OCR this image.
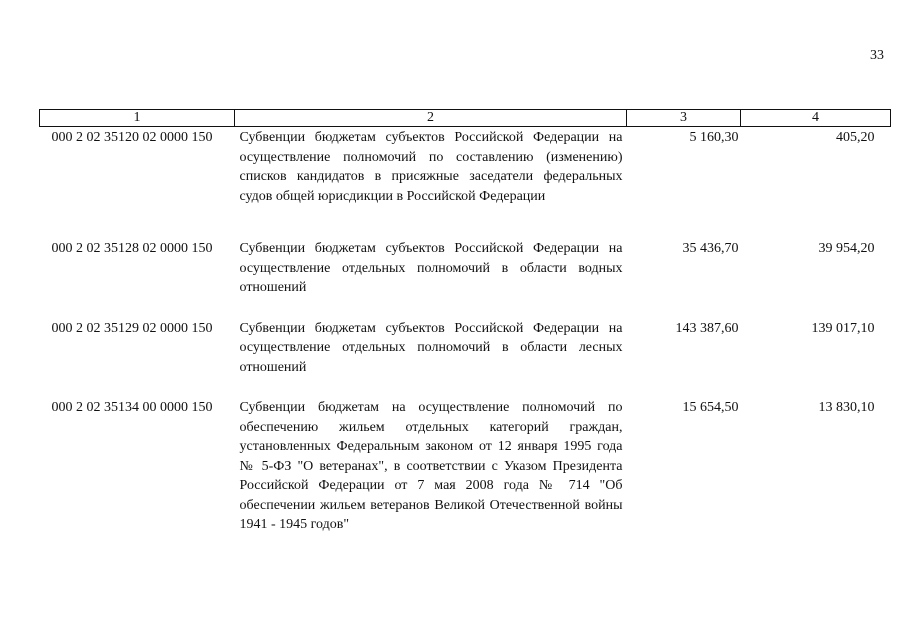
33
1	2	3	4
000 2 02 35120 02 0000 150	Субвенции бюджетам субъектов Российской Федерации на осуществление полномочий по составлению (изменению) списков кандидатов в присяжные заседатели федеральных судов общей юрисдикции в Российской Федерации	5 160,30	405,20
000 2 02 35128 02 0000 150	Субвенции бюджетам субъектов Российской Федерации на осуществление отдельных полномочий в области водных отношений	35 436,70	39 954,20
000 2 02 35129 02 0000 150	Субвенции бюджетам субъектов Российской Федерации на осуществление отдельных полномочий в области лесных отношений	143 387,60	139 017,10
000 2 02 35134 00 0000 150	Субвенции бюджетам на осуществление полномочий по обеспечению жильем отдельных категорий граждан, установленных Федеральным законом от 12 января 1995 года № 5-ФЗ "О ветеранах", в соответствии с Указом Президента Российской Федерации от 7 мая 2008 года № 714 "Об обеспечении жильем ветеранов Великой Отечественной войны 1941 - 1945 годов"	15 654,50	13 830,10
